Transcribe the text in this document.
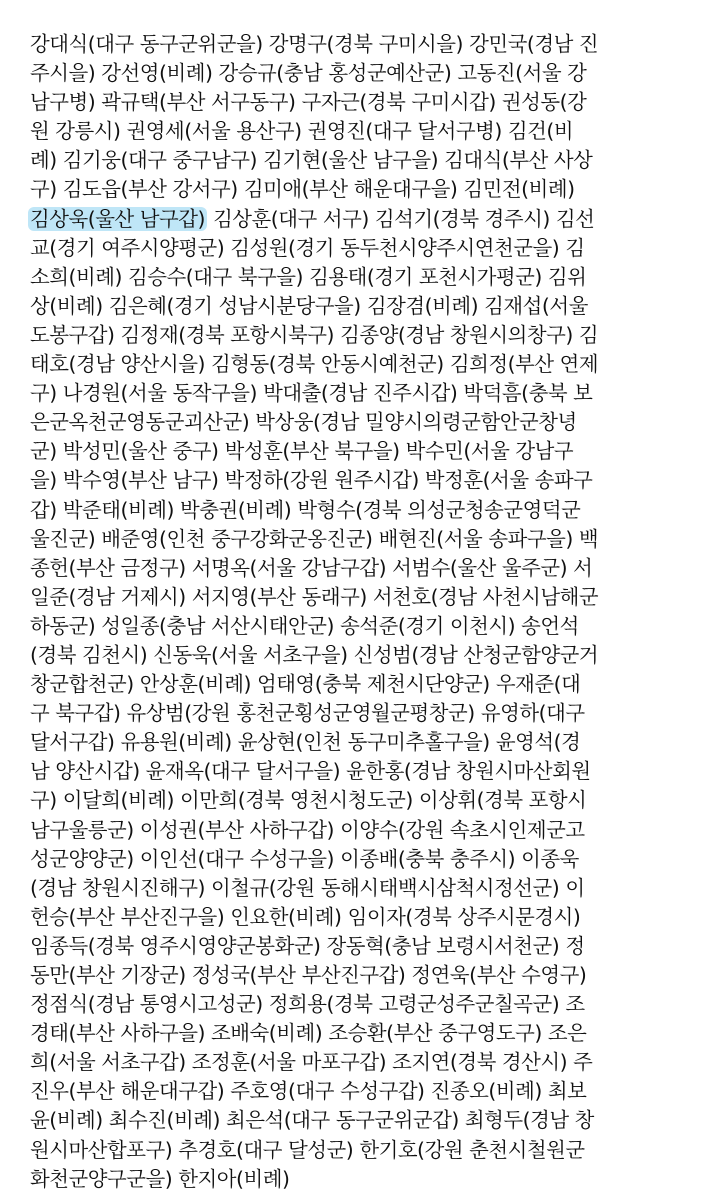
강대식(대구 동구군위군을) 강명구(경북 구미시을) 강민국(경남 진
주시을) 강선영(비례) 강승규(충남 홍성군예산군) 고동진(서울 강
남구병) 곽규택(부산 서구동구) 구자근(경북 구미시갑) 권성동(강
원 강릉시) 권영세(서울 용산구) 권영진(대구 달서구병) 김건(비
례) 김기웅(대구 중구남구) 김기현(울산 남구을) 김대식(부산 사상
구) 김도읍(부산 강서구) 김미애(부산 해운대구을) 김민전(비례)
김상욱(울산 남구갑) 김상훈(대구 서구) 김석기(경북 경주시) 김선
교(경기 여주시양평군) 김성원(경기 동두천시양주시연천군을) 김
소희(비례) 김승수(대구 북구을) 김용태(경기 포천시가평군) 김위
상(비례) 김은혜(경기 성남시분당구을) 김장겸(비례) 김재섭(서울
도봉구갑) 김정재(경북 포항시북구) 김종양(경남 창원시의창구) 김
태호(경남 양산시을) 김형동(경북 안동시예천군) 김희정(부산 연제
구) 나경원(서울 동작구을) 박대출(경남 진주시갑) 박덕흠(충북 보
은군옥천군영동군괴산군) 박상웅(경남 밀양시의령군함안군창녕
군) 박성민(울산 중구) 박성훈(부산 북구을) 박수민(서울 강남구
을) 박수영(부산 남구) 박정하(강원 원주시갑) 박정훈(서울 송파구
갑) 박준태(비례) 박충권(비례) 박형수(경북 의성군청송군영덕군
울진군) 배준영(인천 중구강화군옹진군) 배현진(서울 송파구을) 백
종헌(부산 금정구) 서명옥(서울 강남구갑) 서범수(울산 울주군) 서
일준(경남 거제시) 서지영(부산 동래구) 서천호(경남 사천시남해군
하동군) 성일종(충남 서산시태안군) 송석준(경기 이천시) 송언석
(경북 김천시) 신동욱(서울 서초구을) 신성범(경남 산청군함양군거
창군합천군) 안상훈(비례) 엄태영(충북 제천시단양군) 우재준(대
구 북구갑) 유상범(강원 홍천군횡성군영월군평창군) 유영하(대구
달서구갑) 유용원(비례) 윤상현(인천 동구미추홀구을) 윤영석(경
남 양산시갑) 윤재옥(대구 달서구을) 윤한홍(경남 창원시마산회원
구) 이달희(비례) 이만희(경북 영천시청도군) 이상휘(경북 포항시
남구울릉군) 이성권(부산 사하구갑) 이양수(강원 속초시인제군고
성군양양군) 이인선(대구 수성구을) 이종배(충북 충주시) 이종욱
(경남 창원시진해구) 이철규(강원 동해시태백시삼척시정선군) 이
헌승(부산 부산진구을) 인요한(비례) 임이자(경북 상주시문경시)
임종득(경북 영주시영양군봉화군) 장동혁(충남 보령시서천군) 정
동만(부산 기장군) 정성국(부산 부산진구갑) 정연욱(부산 수영구)
정점식(경남 통영시고성군) 정희용(경북 고령군성주군칠곡군) 조
경태(부산 사하구을) 조배숙(비례) 조승환(부산 중구영도구) 조은
희(서울 서초구갑) 조정훈(서울 마포구갑) 조지연(경북 경산시) 주
진우(부산 해운대구갑) 주호영(대구 수성구갑) 진종오(비례) 최보
윤(비례) 최수진(비례) 최은석(대구 동구군위군갑) 최형두(경남 창
원시마산합포구) 추경호(대구 달성군) 한기호(강원 춘천시철원군
화천군양구군을) 한지아(비례)
